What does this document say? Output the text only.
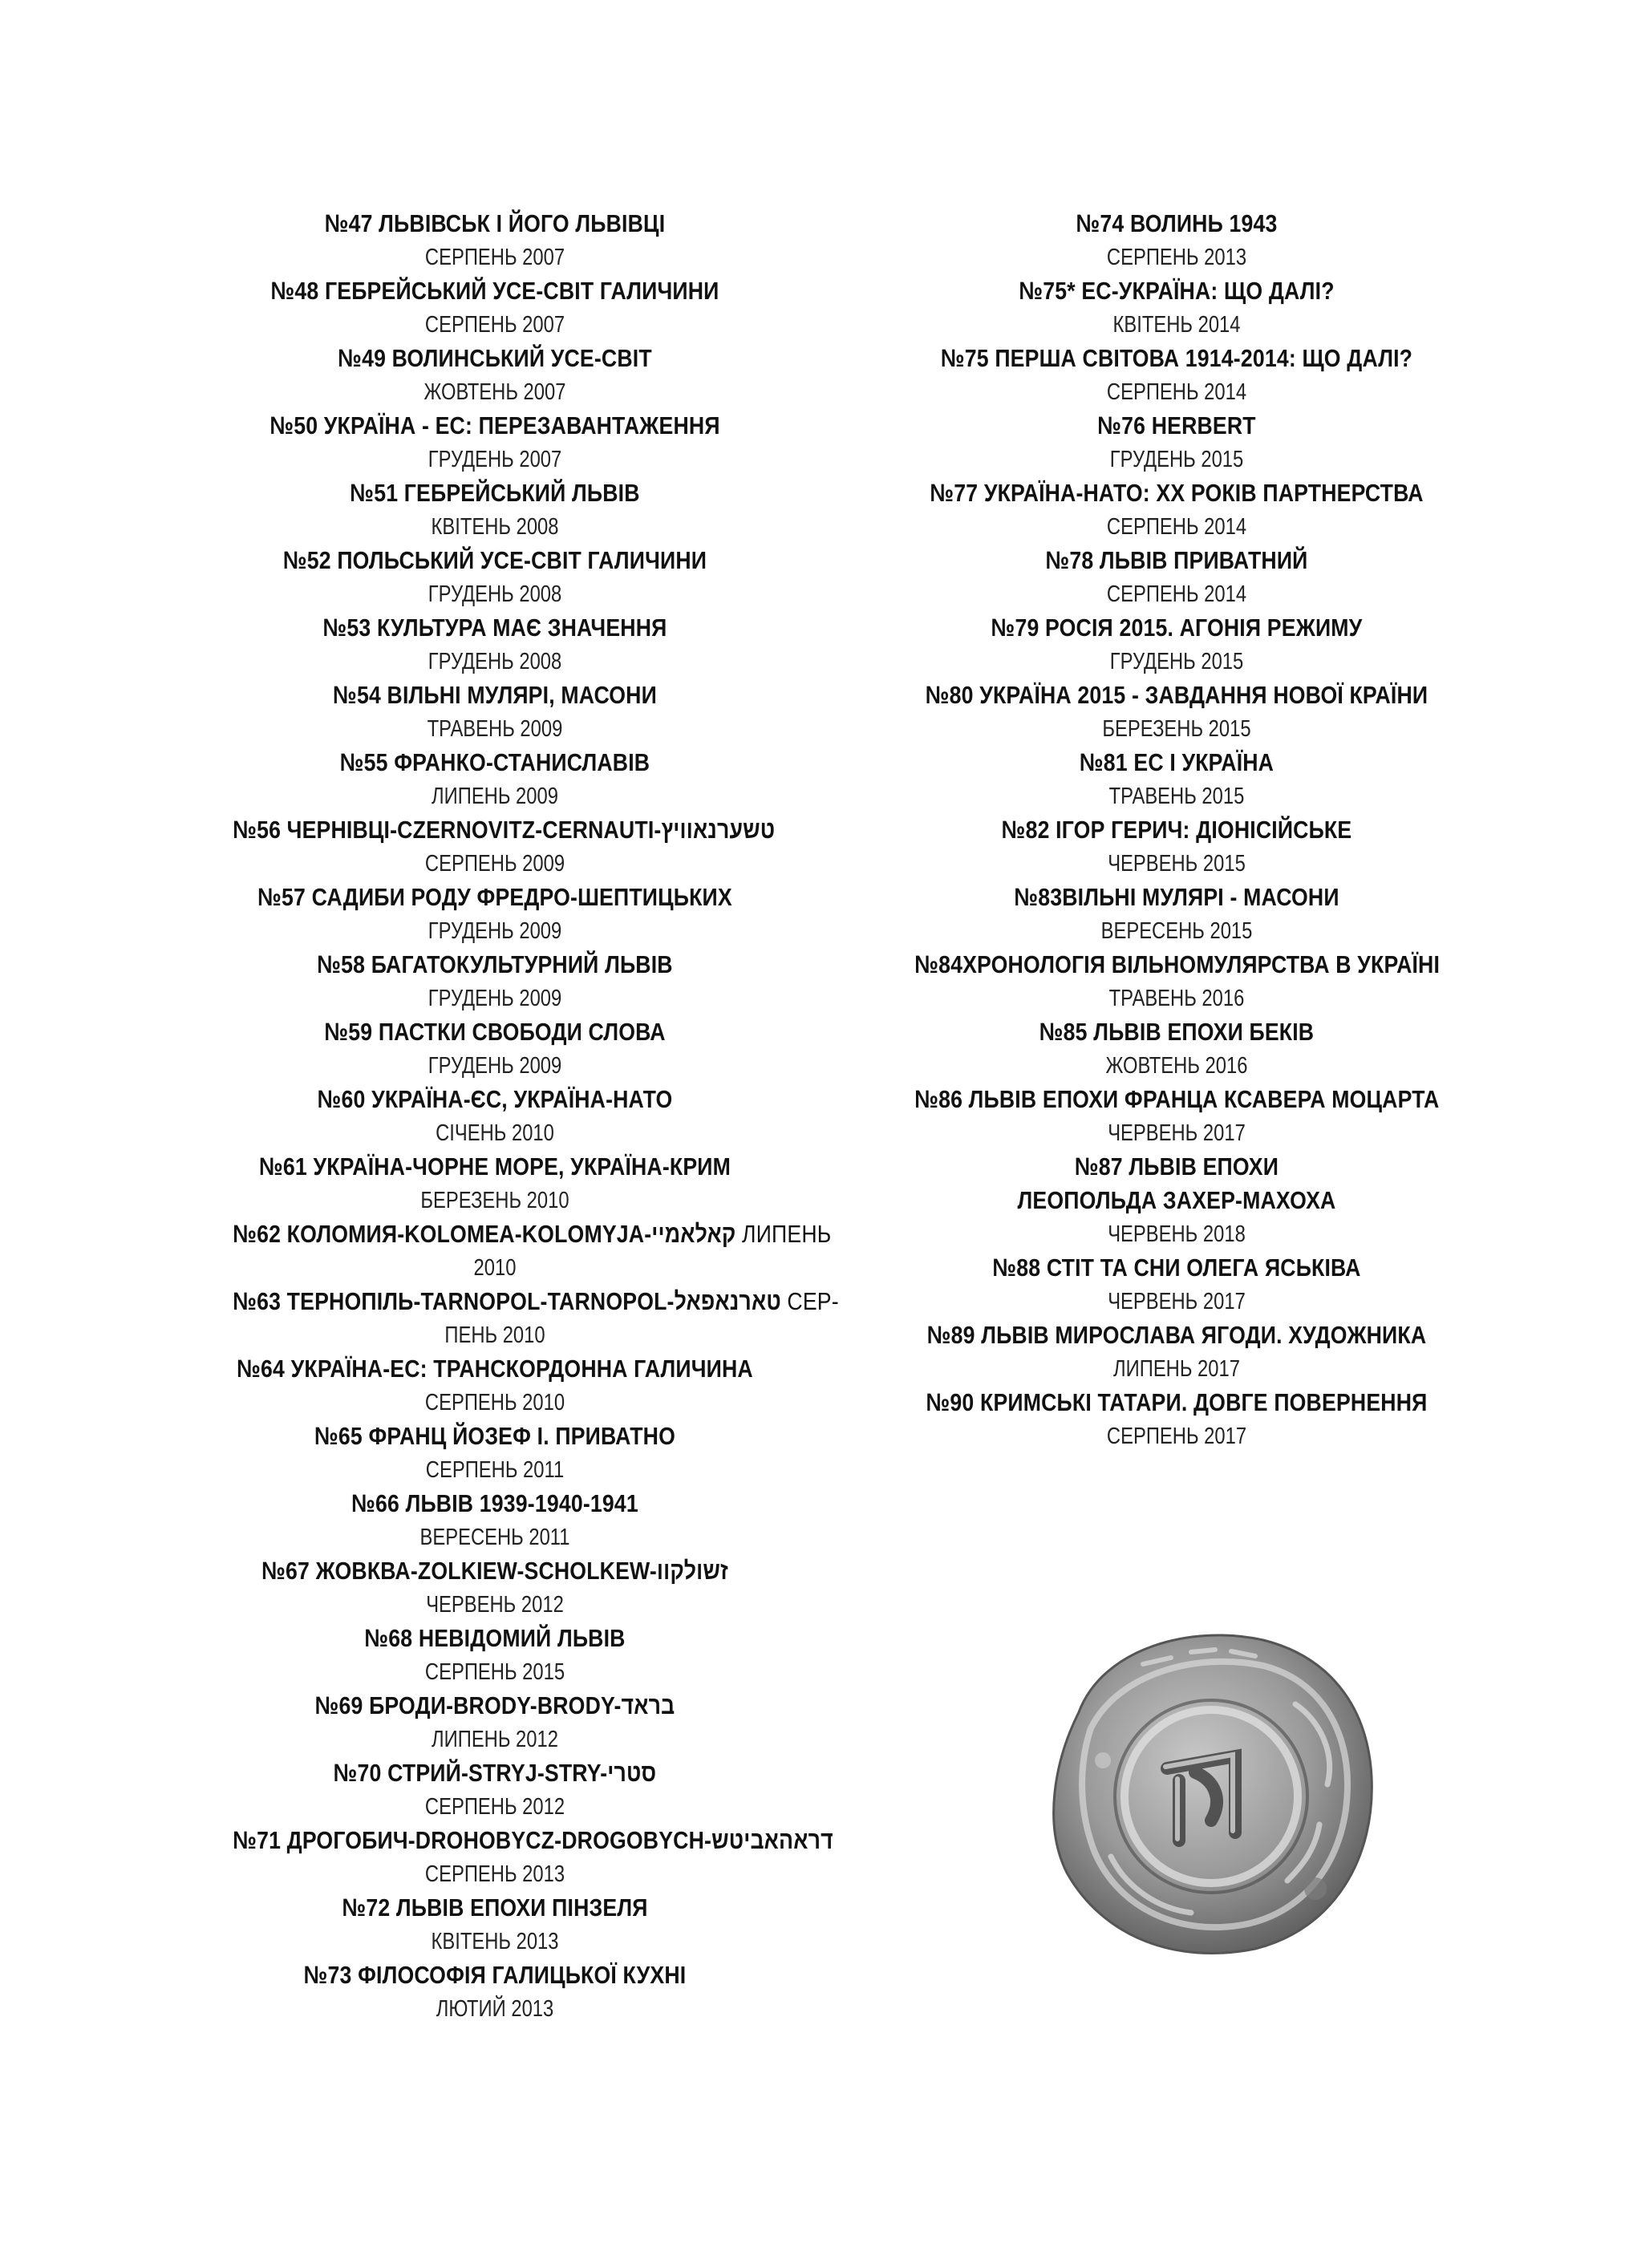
№47 ЛЬВІВСЬК І ЙОГО ЛЬВІВЦІ
СЕРПЕНЬ 2007
№48 ГЕБРЕЙСЬКИЙ УСЕ-СВІТ ГАЛИЧИНИ
СЕРПЕНЬ 2007
№49 ВОЛИНСЬКИЙ УСЕ-СВІТ
ЖОВТЕНЬ 2007
№50 УКРАЇНА - ЕС: ПЕРЕЗАВАНТАЖЕННЯ
ГРУДЕНЬ 2007
№51 ГЕБРЕЙСЬКИЙ ЛЬВІВ
КВІТЕНЬ 2008
№52 ПОЛЬСЬКИЙ УСЕ-СВІТ ГАЛИЧИНИ
ГРУДЕНЬ 2008
№53 КУЛЬТУРА МАЄ ЗНАЧЕННЯ
ГРУДЕНЬ 2008
№54 ВІЛЬНІ МУЛЯРІ, МАСОНИ
ТРАВЕНЬ 2009
№55 ФРАНКО-СТАНИСЛАВІВ
ЛИПЕНЬ 2009
№56 ЧЕРНІВЦІ-CZERNOVITZ-CERNAUTI-טשערנאוויץ
СЕРПЕНЬ 2009
№57 САДИБИ РОДУ ФРЕДРО-ШЕПТИЦЬКИХ
ГРУДЕНЬ 2009
№58 БАГАТОКУЛЬТУРНИЙ ЛЬВІВ
ГРУДЕНЬ 2009
№59 ПАСТКИ СВОБОДИ СЛОВА
ГРУДЕНЬ 2009
№60 УКРАЇНА-ЄС, УКРАЇНА-НАТО
СІЧЕНЬ 2010
№61 УКРАЇНА-ЧОРНЕ МОРЕ, УКРАЇНА-КРИМ
БЕРЕЗЕНЬ 2010
№62 КОЛОМИЯ-KOLOMEA-KOLOMYJA-קאלאמיי ЛИПЕНЬ
2010
№63 ТЕРНОПІЛЬ-TARNOPOL-TARNOPOL-טארנאפאל СЕР-
ПЕНЬ 2010
№64 УКРАЇНА-ЕС: ТРАНСКОРДОННА ГАЛИЧИНА
СЕРПЕНЬ 2010
№65 ФРАНЦ ЙОЗЕФ І. ПРИВАТНО
СЕРПЕНЬ 2011
№66 ЛЬВІВ 1939-1940-1941
ВЕРЕСЕНЬ 2011
№67 ЖОВКВА-ZOLKIEW-SCHOLKEW-זשולקוו
ЧЕРВЕНЬ 2012
№68 НЕВІДОМИЙ ЛЬВІВ
СЕРПЕНЬ 2015
№69 БРОДИ-BRODY-BRODY-בראד
ЛИПЕНЬ 2012
№70 СТРИЙ-STRYJ-STRY-סטרי
СЕРПЕНЬ 2012
№71 ДРОГОБИЧ-DROHOBYCZ-DROGOBYCH-דראהאביטש
СЕРПЕНЬ 2013
№72 ЛЬВІВ ЕПОХИ ПІНЗЕЛЯ
КВІТЕНЬ 2013
№73 ФІЛОСОФІЯ ГАЛИЦЬКОЇ КУХНІ
ЛЮТИЙ 2013
№74 ВОЛИНЬ 1943
СЕРПЕНЬ 2013
№75* ЕС-УКРАЇНА: ЩО ДАЛІ?
КВІТЕНЬ 2014
№75 ПЕРША СВІТОВА 1914-2014: ЩО ДАЛІ?
СЕРПЕНЬ 2014
№76 HERBERT
ГРУДЕНЬ 2015
№77 УКРАЇНА-НАТО: XX РОКІВ ПАРТНЕРСТВА
СЕРПЕНЬ 2014
№78 ЛЬВІВ ПРИВАТНИЙ
СЕРПЕНЬ 2014
№79 РОСІЯ 2015. АГОНІЯ РЕЖИМУ
ГРУДЕНЬ 2015
№80 УКРАЇНА 2015 - ЗАВДАННЯ НОВОЇ КРАЇНИ
БЕРЕЗЕНЬ 2015
№81 ЕС І УКРАЇНА
ТРАВЕНЬ 2015
№82 ІГОР ГЕРИЧ: ДІОНІСІЙСЬКЕ
ЧЕРВЕНЬ 2015
№83ВІЛЬНІ МУЛЯРІ - МАСОНИ
ВЕРЕСЕНЬ 2015
№84ХРОНОЛОГІЯ ВІЛЬНОМУЛЯРСТВА В УКРАЇНІ
ТРАВЕНЬ 2016
№85 ЛЬВІВ ЕПОХИ БЕКІВ
ЖОВТЕНЬ 2016
№86 ЛЬВІВ ЕПОХИ ФРАНЦА КСАВЕРА МОЦАРТА
ЧЕРВЕНЬ 2017
№87 ЛЬВІВ ЕПОХИ
ЛЕОПОЛЬДА ЗАХЕР-МАХОХА
ЧЕРВЕНЬ 2018
№88 СТІТ ТА СНИ ОЛЕГА ЯСЬКІВА
ЧЕРВЕНЬ 2017
№89 ЛЬВІВ МИРОСЛАВА ЯГОДИ. ХУДОЖНИКА
ЛИПЕНЬ 2017
№90 КРИМСЬКІ ТАТАРИ. ДОВГЕ ПОВЕРНЕННЯ
СЕРПЕНЬ 2017
